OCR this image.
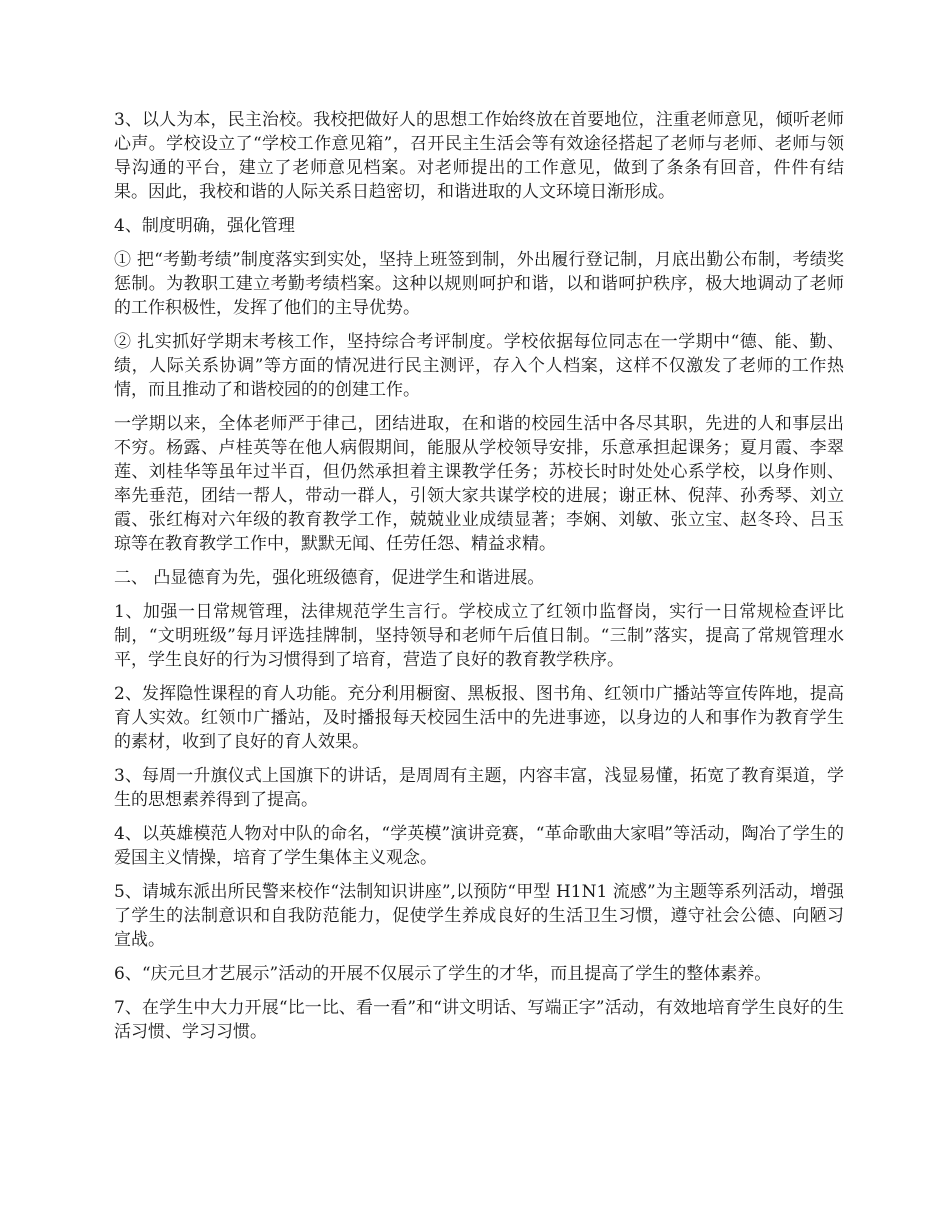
3、以人为本，民主治校。我校把做好人的思想工作始终放在首要地位，注重老师意见，倾听老师心声。学校设立了“学校工作意见箱”，召开民主生活会等有效途径搭起了老师与老师、老师与领导沟通的平台，建立了老师意见档案。对老师提出的工作意见，做到了条条有回音，件件有结果。因此，我校和谐的人际关系日趋密切，和谐进取的人文环境日渐形成。

4、制度明确，强化管理

① 把“考勤考绩”制度落实到实处，坚持上班签到制，外出履行登记制，月底出勤公布制，考绩奖惩制。为教职工建立考勤考绩档案。这种以规则呵护和谐，以和谐呵护秩序，极大地调动了老师的工作积极性，发挥了他们的主导优势。

② 扎实抓好学期末考核工作，坚持综合考评制度。学校依据每位同志在一学期中“德、能、勤、绩，人际关系协调”等方面的情况进行民主测评，存入个人档案，这样不仅激发了老师的工作热情，而且推动了和谐校园的的创建工作。

一学期以来，全体老师严于律己，团结进取，在和谐的校园生活中各尽其职，先进的人和事层出不穷。杨露、卢桂英等在他人病假期间，能服从学校领导安排，乐意承担起课务；夏月霞、李翠莲、刘桂华等虽年过半百，但仍然承担着主课教学任务；苏校长时时处处心系学校，以身作则、率先垂范，团结一帮人，带动一群人，引领大家共谋学校的进展；谢正林、倪萍、孙秀琴、刘立霞、张红梅对六年级的教育教学工作，兢兢业业成绩显著；李娴、刘敏、张立宝、赵冬玲、吕玉琼等在教育教学工作中，默默无闻、任劳任怨、精益求精。

二、 凸显德育为先，强化班级德育，促进学生和谐进展。

1、加强一日常规管理，法律规范学生言行。学校成立了红领巾监督岗，实行一日常规检查评比制，“文明班级”每月评选挂牌制，坚持领导和老师午后值日制。“三制”落实，提高了常规管理水平，学生良好的行为习惯得到了培育，营造了良好的教育教学秩序。

2、发挥隐性课程的育人功能。充分利用橱窗、黑板报、图书角、红领巾广播站等宣传阵地，提高育人实效。红领巾广播站，及时播报每天校园生活中的先进事迹，以身边的人和事作为教育学生的素材，收到了良好的育人效果。

3、每周一升旗仪式上国旗下的讲话，是周周有主题，内容丰富，浅显易懂，拓宽了教育渠道，学生的思想素养得到了提高。

4、以英雄模范人物对中队的命名，“学英模”演讲竞赛，“革命歌曲大家唱”等活动，陶冶了学生的爱国主义情操，培育了学生集体主义观念。

5、请城东派出所民警来校作“法制知识讲座”,以预防“甲型 H1N1 流感”为主题等系列活动，增强了学生的法制意识和自我防范能力，促使学生养成良好的生活卫生习惯，遵守社会公德、向陋习宣战。

6、“庆元旦才艺展示”活动的开展不仅展示了学生的才华，而且提高了学生的整体素养。

7、在学生中大力开展“比一比、看一看”和“讲文明话、写端正字”活动，有效地培育学生良好的生活习惯、学习习惯。
